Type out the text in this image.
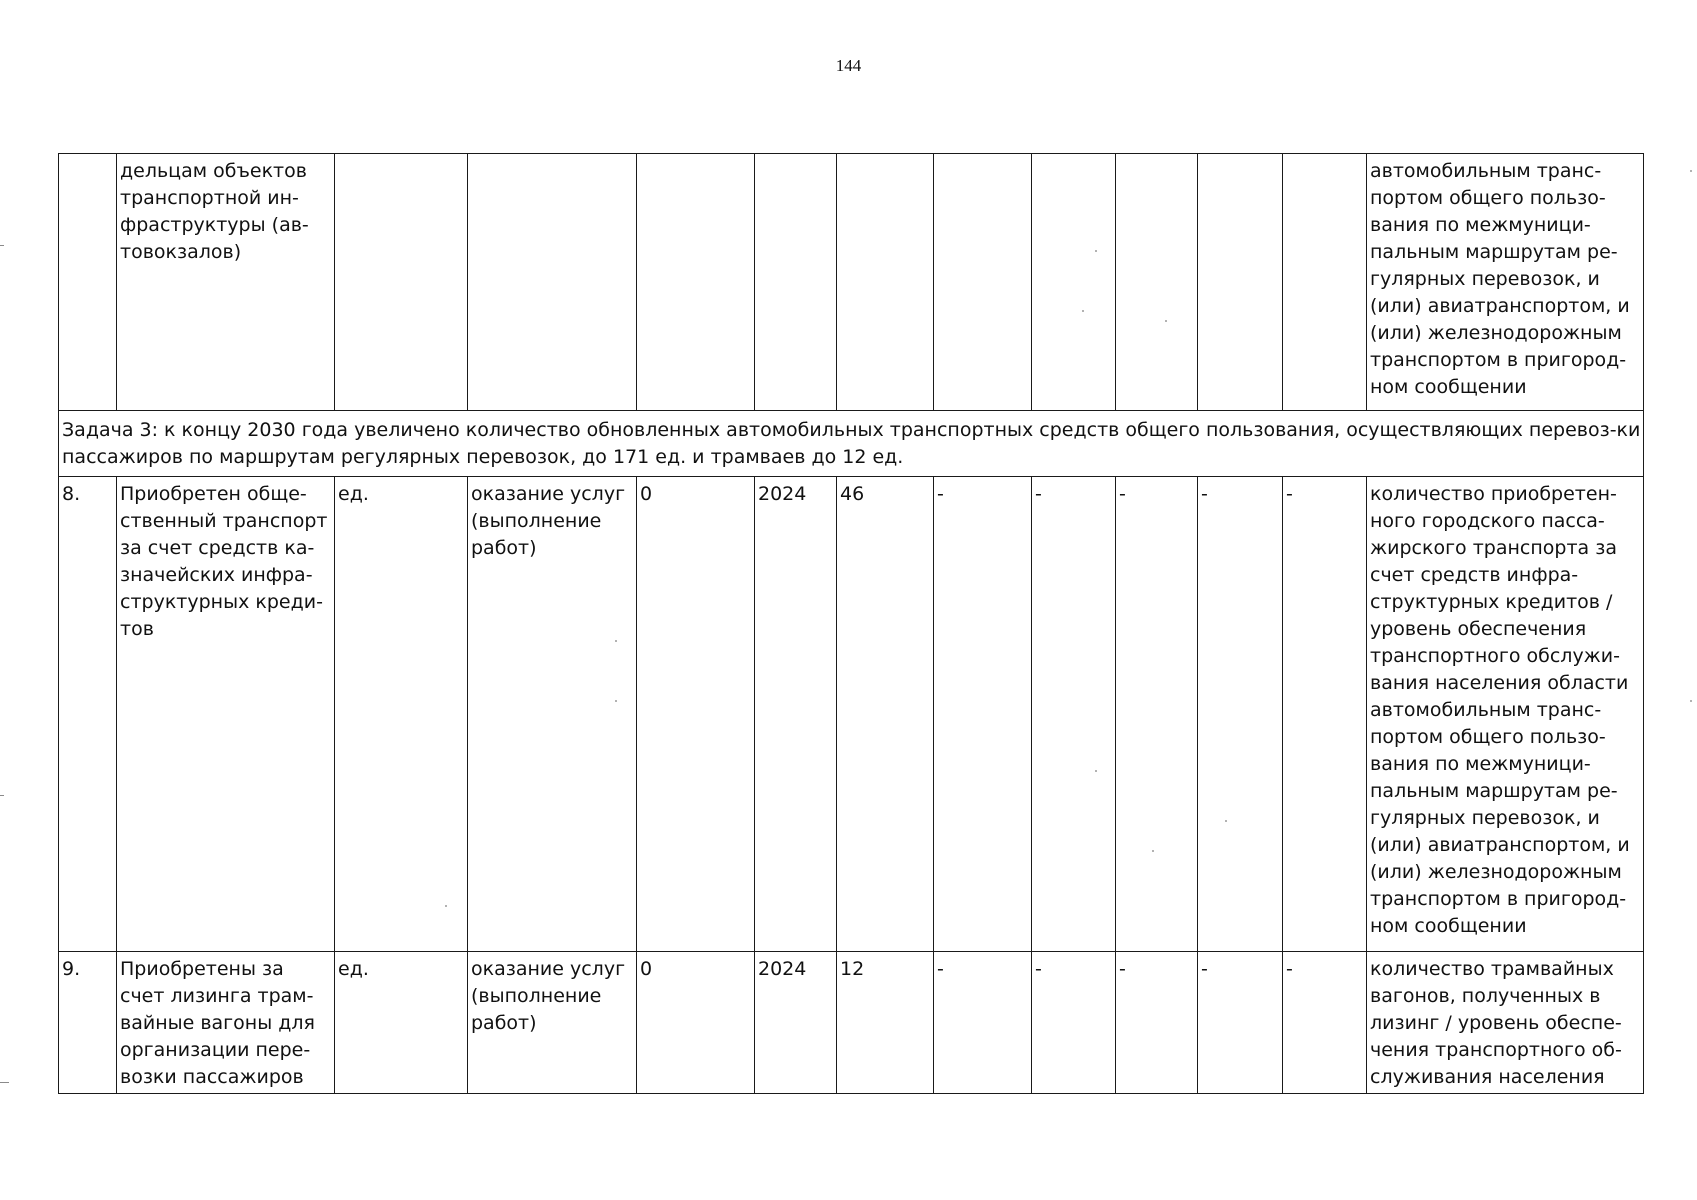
144
	дельцам объектов транспортной ин-фраструктуры (ав-товокзалов)											автомобильным транс-портом общего пользо-вания по межмуници-пальным маршрутам ре-гулярных перевозок, и (или) авиатранспортом, и (или) железнодорожным транспортом в пригород-ном сообщении
Задача 3: к концу 2030 года увеличено количество обновленных автомобильных транспортных средств общего пользования, осуществляющих перевоз-ки пассажиров по маршрутам регулярных перевозок, до 171 ед. и трамваев до 12 ед.												
8.	Приобретен обще-ственный транспорт за счет средств ка-значейских инфра-структурных креди-тов	ед.	оказание услуг (выполнение работ)	0	2024	46	-	-	-	-	-	количество приобретен-ного городского пасса-жирского транспорта за счет средств инфра-структурных кредитов / уровень обеспечения транспортного обслужи-вания населения области автомобильным транс-портом общего пользо-вания по межмуници-пальным маршрутам ре-гулярных перевозок, и (или) авиатранспортом, и (или) железнодорожным транспортом в пригород-ном сообщении
9.	Приобретены за счет лизинга трам-вайные вагоны для организации пере-возки пассажиров	ед.	оказание услуг (выполнение работ)	0	2024	12	-	-	-	-	-	количество трамвайных вагонов, полученных в лизинг / уровень обеспе-чения транспортного об-служивания населения
